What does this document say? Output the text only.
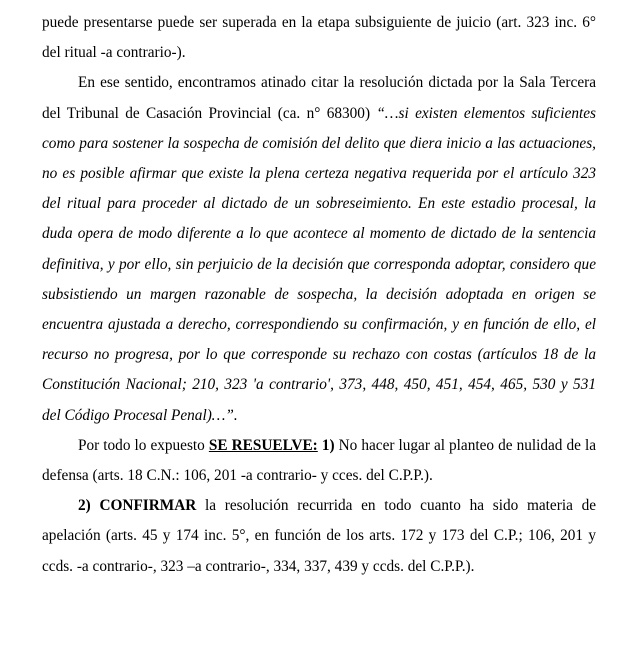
puede presentarse puede ser superada en la etapa subsiguiente de juicio (art. 323 inc. 6° del ritual -a contrario-).

En ese sentido, encontramos atinado citar la resolución dictada por la Sala Tercera del Tribunal de Casación Provincial (ca. n° 68300) “…si existen elementos suficientes como para sostener la sospecha de comisión del delito que diera inicio a las actuaciones, no es posible afirmar que existe la plena certeza negativa requerida por el artículo 323 del ritual para proceder al dictado de un sobreseimiento. En este estadio procesal, la duda opera de modo diferente a lo que acontece al momento de dictado de la sentencia definitiva, y por ello, sin perjuicio de la decisión que corresponda adoptar, considero que subsistiendo un margen razonable de sospecha, la decisión adoptada en origen se encuentra ajustada a derecho, correspondiendo su confirmación, y en función de ello, el recurso no progresa, por lo que corresponde su rechazo con costas (artículos 18 de la Constitución Nacional; 210, 323 'a contrario', 373, 448, 450, 451, 454, 465, 530 y 531 del Código Procesal Penal)…”.

Por todo lo expuesto SE RESUELVE: 1) No hacer lugar al planteo de nulidad de la defensa (arts. 18 C.N.: 106, 201 -a contrario- y cces. del C.P.P.).

2) CONFIRMAR la resolución recurrida en todo cuanto ha sido materia de apelación (arts. 45 y 174 inc. 5°, en función de los arts. 172 y 173 del C.P.; 106, 201 y ccds. -a contrario-, 323 –a contrario-, 334, 337, 439 y ccds. del C.P.P.).
